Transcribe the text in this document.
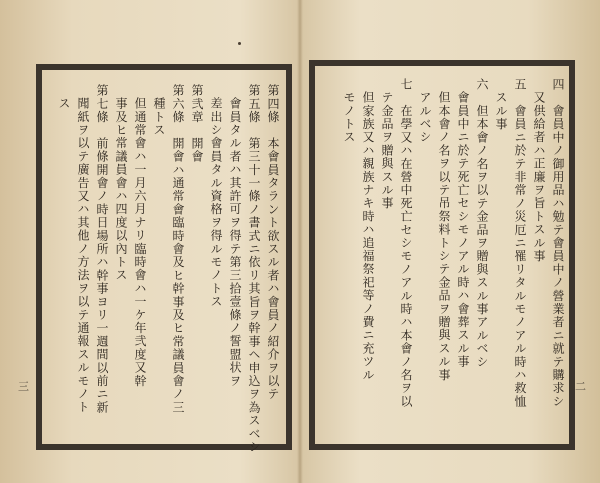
第四條　本會員タラント欲スル者ハ會員ノ紹介ヲ以テ
第五條　第三十一條ノ書式ニ依リ其旨ヲ幹事ヘ申込ヲ為スベシ
會員タル者ハ其許可ヲ得テ第三拾壹條ノ誓盟状ヲ
差出シ會員タル資格ヲ得ルモノトス
第弐章　開會
第六條　開會ハ通常會臨時會及ヒ幹事及ヒ常議員會ノ三
種トス
但通常會ハ一月六月ナリ臨時會ハ一ケ年弐度又幹
事及ヒ常議員會ハ四度以內トス
第七條　前條開會ノ時日場所ハ幹事ヨリ一週間以前ニ新
聞紙ヲ以テ廣告又ハ其他ノ方法ヲ以テ通報スルモノト
ス
三	四　會員中ノ御用品ハ勉テ會員中ノ營業者ニ就テ購求シ
又供給者ハ正廉ヲ旨トスル事
五　會員ニ於テ非常ノ災厄ニ罹リタルモノアル時ハ救恤
スル事
六　但本會ノ名ヲ以テ金品ヲ贈與スル事アルベシ
會員中ニ於テ死亡セシモノアル時ハ會葬スル事
但本會ノ名ヲ以テ吊祭料トシテ金品ヲ贈與スル事
アルベシ
七　在學又ハ在營中死亡セシモノアル時ハ本會ノ名ヲ以
テ金品ヲ贈與スル事
但家族又ハ親族ナキ時ハ追福祭祀等ノ費ニ充ツル
モノトス
二
